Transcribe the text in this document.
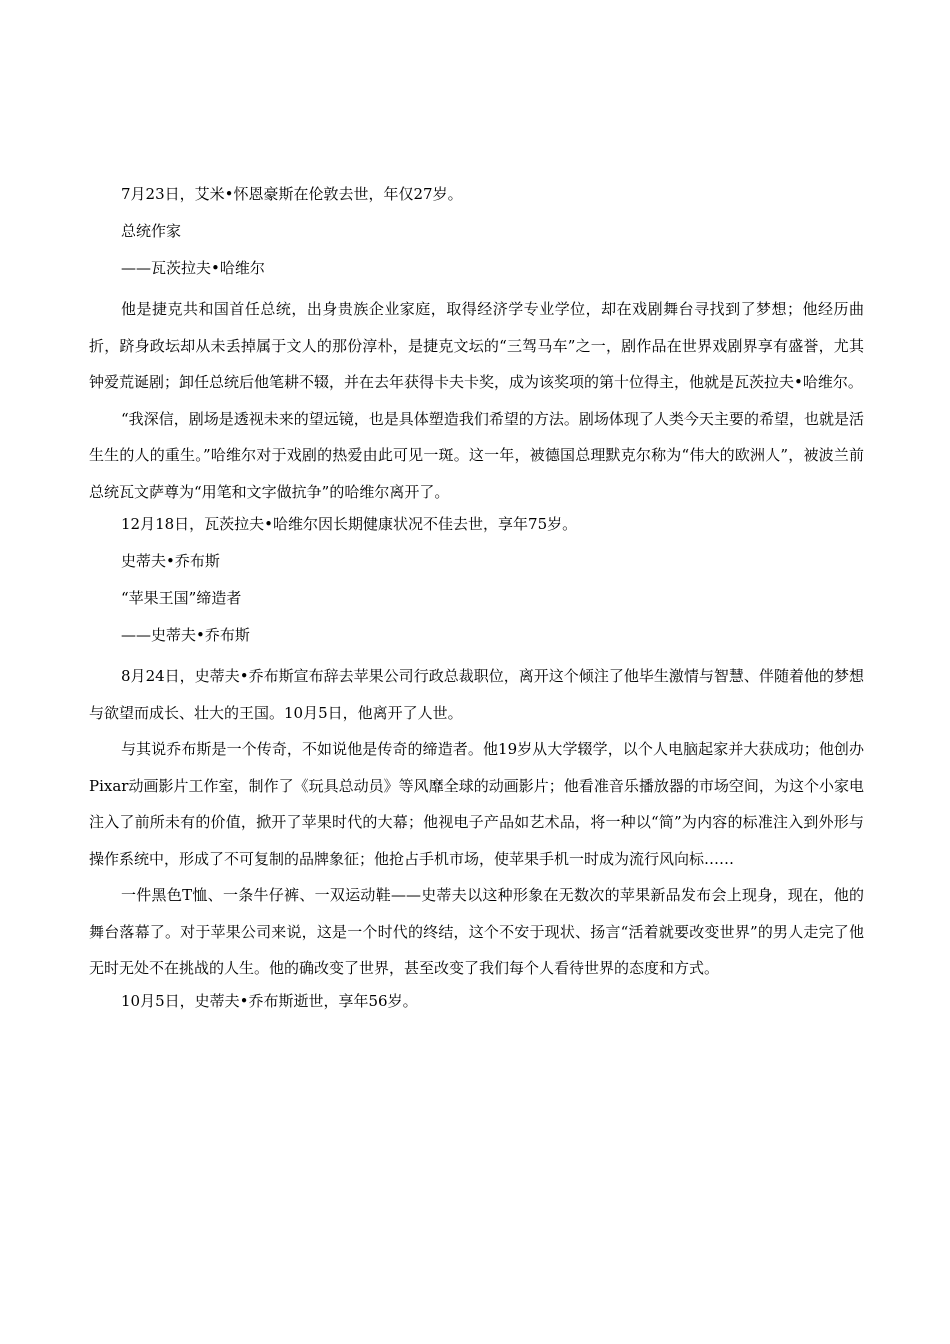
7月23日，艾米•怀恩豪斯在伦敦去世，年仅27岁。

总统作家

——瓦茨拉夫•哈维尔

他是捷克共和国首任总统，出身贵族企业家庭，取得经济学专业学位，却在戏剧舞台寻找到了梦想；他经历曲折，跻身政坛却从未丢掉属于文人的那份淳朴，是捷克文坛的“三驾马车”之一，剧作品在世界戏剧界享有盛誉，尤其钟爱荒诞剧；卸任总统后他笔耕不辍，并在去年获得卡夫卡奖，成为该奖项的第十位得主，他就是瓦茨拉夫•哈维尔。

“我深信，剧场是透视未来的望远镜，也是具体塑造我们希望的方法。剧场体现了人类今天主要的希望，也就是活生生的人的重生。”哈维尔对于戏剧的热爱由此可见一斑。这一年，被德国总理默克尔称为“伟大的欧洲人”，被波兰前总统瓦文萨尊为“用笔和文字做抗争”的哈维尔离开了。

12月18日，瓦茨拉夫•哈维尔因长期健康状况不佳去世，享年75岁。

史蒂夫•乔布斯

“苹果王国”缔造者

——史蒂夫•乔布斯

8月24日，史蒂夫•乔布斯宣布辞去苹果公司行政总裁职位，离开这个倾注了他毕生激情与智慧、伴随着他的梦想与欲望而成长、壮大的王国。10月5日，他离开了人世。

与其说乔布斯是一个传奇，不如说他是传奇的缔造者。他19岁从大学辍学，以个人电脑起家并大获成功；他创办Pixar动画影片工作室，制作了《玩具总动员》等风靡全球的动画影片；他看准音乐播放器的市场空间，为这个小家电注入了前所未有的价值，掀开了苹果时代的大幕；他视电子产品如艺术品，将一种以“简”为内容的标准注入到外形与操作系统中，形成了不可复制的品牌象征；他抢占手机市场，使苹果手机一时成为流行风向标……

一件黑色T恤、一条牛仔裤、一双运动鞋——史蒂夫以这种形象在无数次的苹果新品发布会上现身，现在，他的舞台落幕了。对于苹果公司来说，这是一个时代的终结，这个不安于现状、扬言“活着就要改变世界”的男人走完了他无时无处不在挑战的人生。他的确改变了世界，甚至改变了我们每个人看待世界的态度和方式。

10月5日，史蒂夫•乔布斯逝世，享年56岁。
